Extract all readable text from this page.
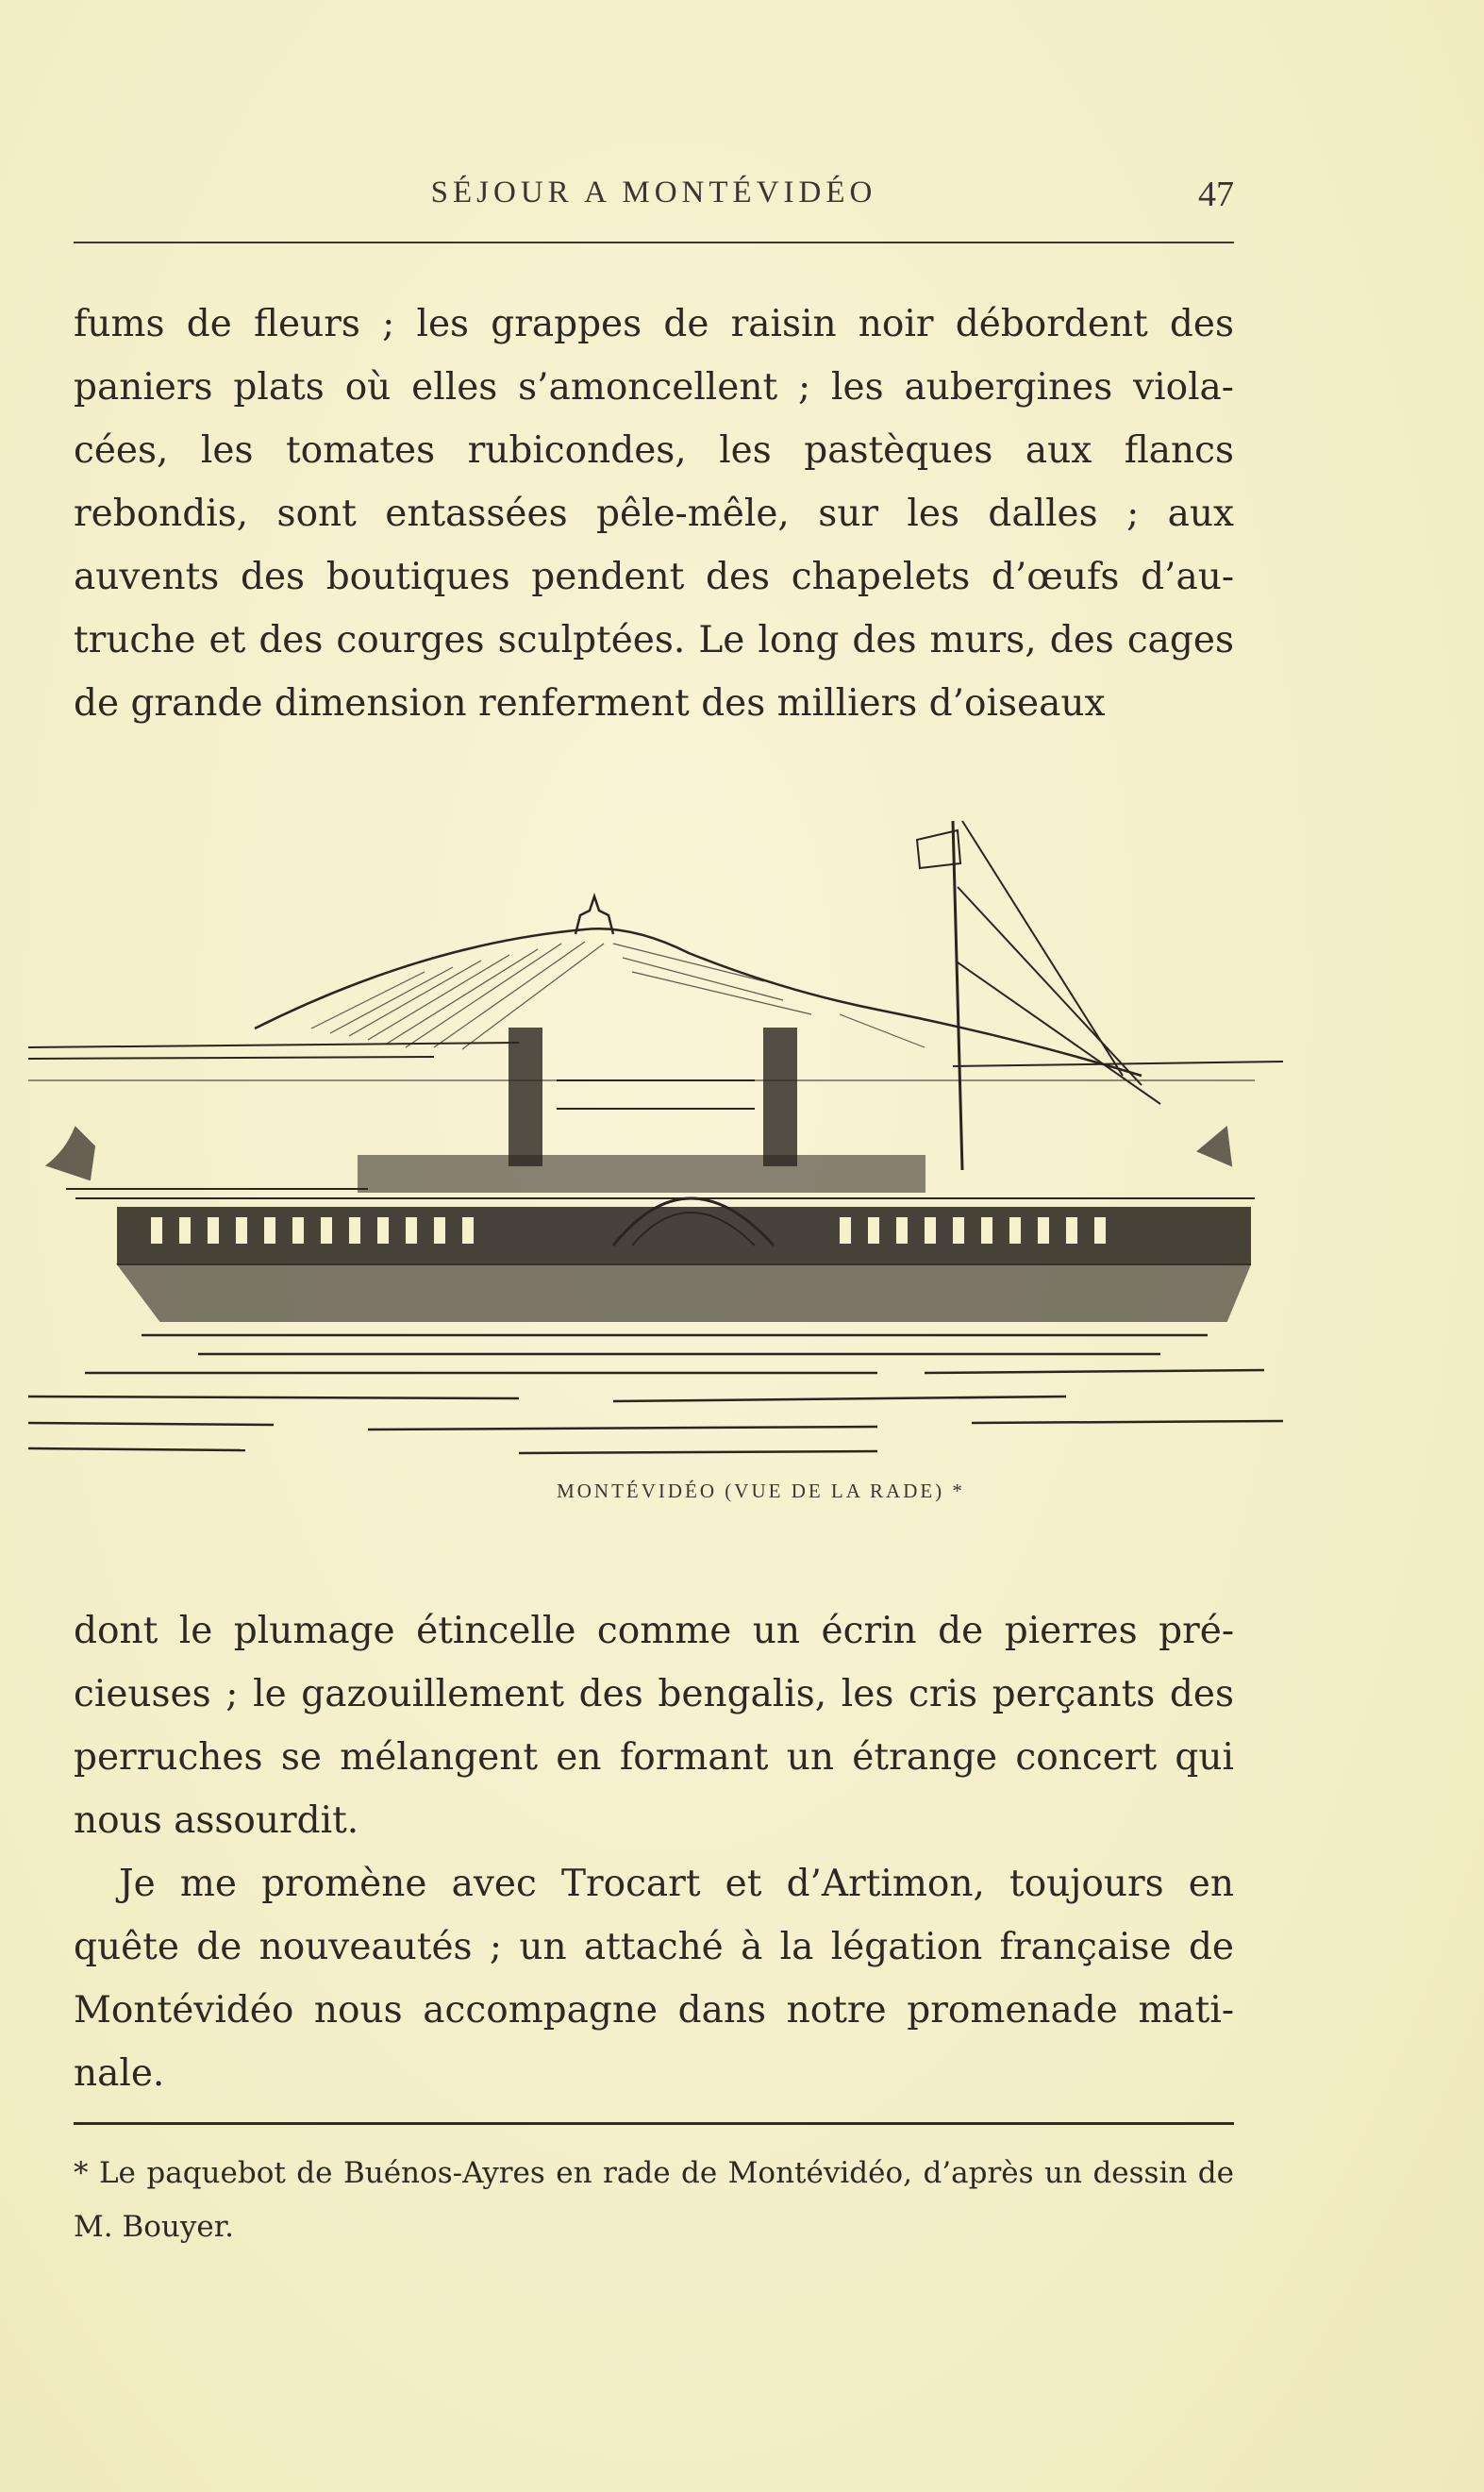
SÉJOUR A MONTÉVIDÉO	47

fums de fleurs ; les grappes de raisin noir débordent des paniers plats où elles s’amoncellent ; les aubergines viola-cées, les tomates rubicondes, les pastèques aux flancs rebondis, sont entassées pêle-mêle, sur les dalles ; aux auvents des boutiques pendent des chapelets d’œufs d’au-truche et des courges sculptées. Le long des murs, des cages de grande dimension renferment des milliers d’oiseaux

MONTÉVIDÉO (VUE DE LA RADE) *

dont le plumage étincelle comme un écrin de pierres pré-cieuses ; le gazouillement des bengalis, les cris perçants des perruches se mélangent en formant un étrange concert qui nous assourdit.

Je me promène avec Trocart et d’Artimon, toujours en quête de nouveautés ; un attaché à la légation française de Montévidéo nous accompagne dans notre promenade mati-nale.

* Le paquebot de Buénos-Ayres en rade de Montévidéo, d’après un dessin de M. Bouyer.
